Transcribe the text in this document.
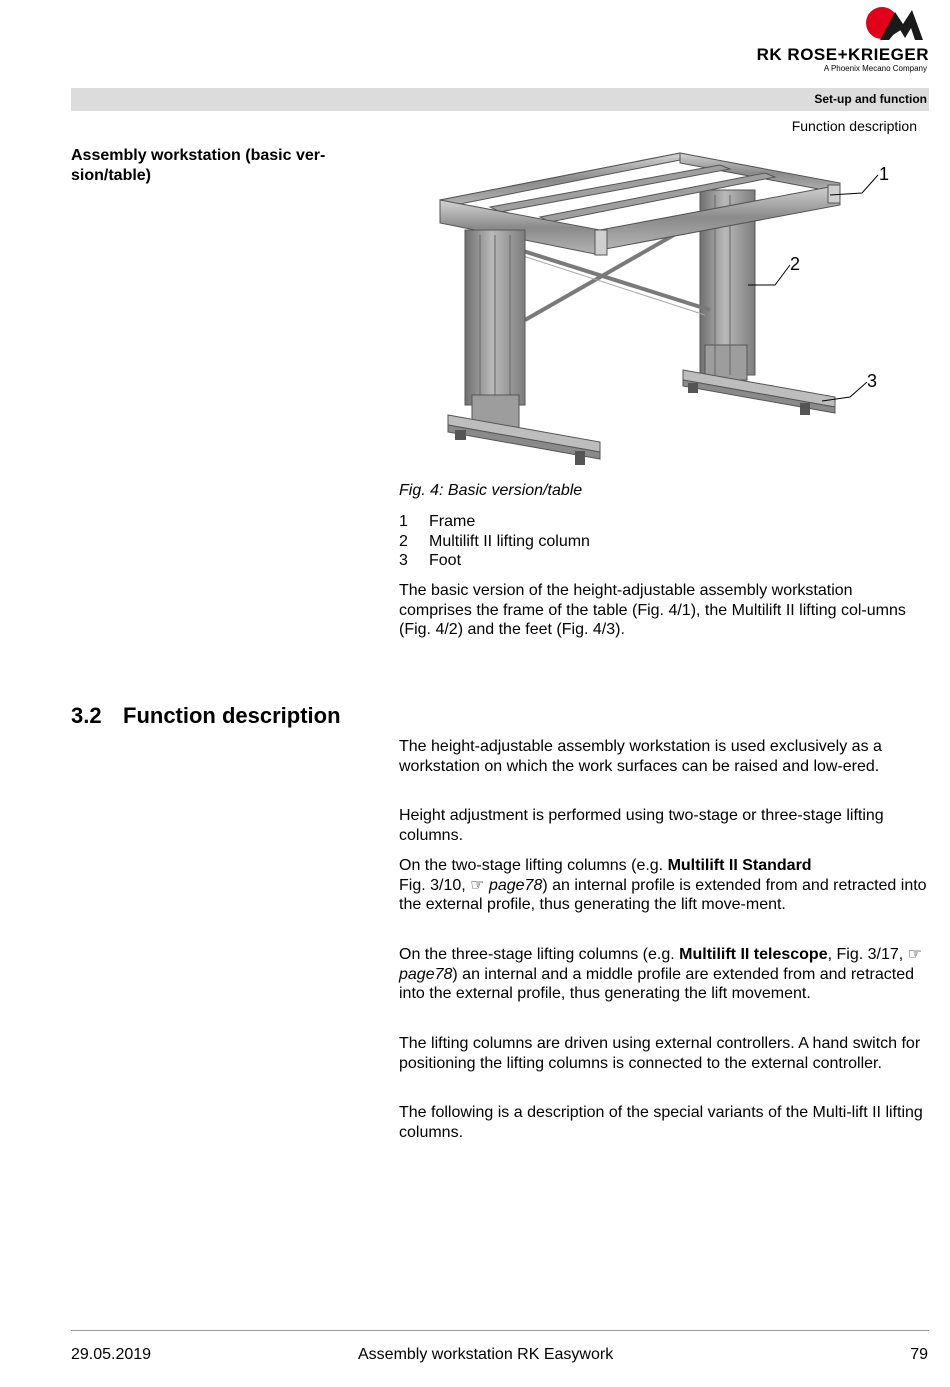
RK ROSE+KRIEGER
A Phoenix Mecano Company
Set-up and function
Function description
Assembly workstation (basic ver-sion/table)	1
2
3
Fig. 4: Basic version/table
1	Frame
2	Multilift II lifting column
3	Foot
The basic version of the height-adjustable assembly workstation comprises the frame of the table (Fig. 4/1), the Multilift II lifting col-umns (Fig. 4/2) and the feet (Fig. 4/3).
3.2 Function description
The height-adjustable assembly workstation is used exclusively as a workstation on which the work surfaces can be raised and low-ered.
Height adjustment is performed using two-stage or three-stage lifting columns.
On the two-stage lifting columns (e.g. Multilift II Standard
Fig. 3/10, ☞ page78) an internal profile is extended from and retracted into the external profile, thus generating the lift move-ment.
On the three-stage lifting columns (e.g. Multilift II telescope, Fig. 3/17, ☞ page78) an internal and a middle profile are extended from and retracted into the external profile, thus generating the lift movement.
The lifting columns are driven using external controllers. A hand switch for positioning the lifting columns is connected to the external controller.
The following is a description of the special variants of the Multi-lift II lifting columns.
29.05.2019	Assembly workstation RK Easywork	79
